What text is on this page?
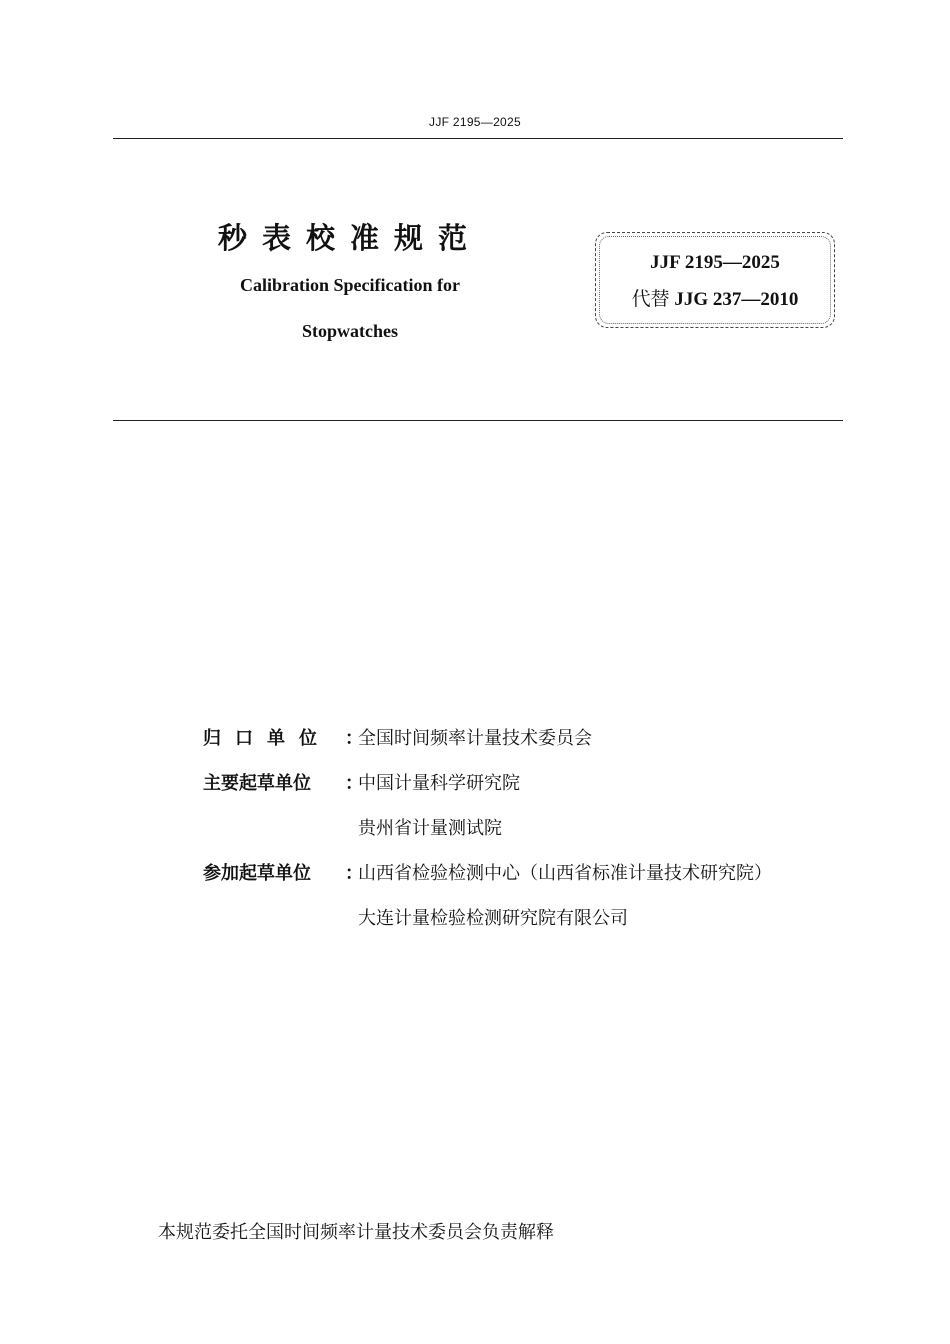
JJF 2195—2025
秒表校准规范
Calibration Specification for
Stopwatches
JJF 2195—2025
代替 JJG 237—2010
归口单位 ：
全国时间频率计量技术委员会
主要起草单位	：
中国计量科学研究院
贵州省计量测试院
参加起草单位	：
山西省检验检测中心（山西省标准计量技术研究院）
大连计量检验检测研究院有限公司
本规范委托全国时间频率计量技术委员会负责解释
